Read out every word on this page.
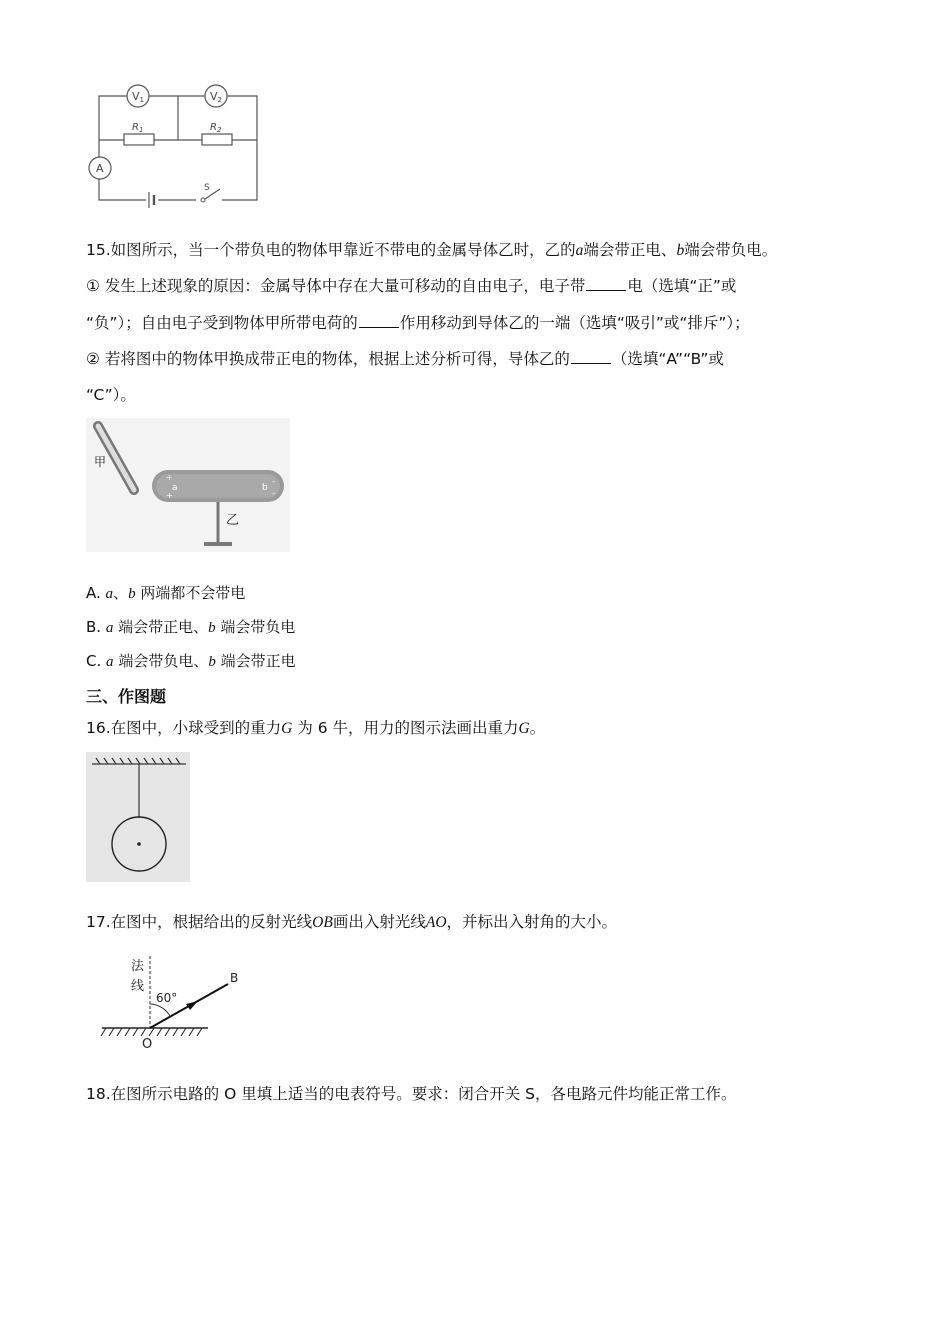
V1	V2
$R_1$	$R_2$
A
S
15.如图所示，当一个带负电的物体甲靠近不带电的金属导体乙时，乙的a端会带正电、b端会带负电。
① 发生上述现象的原因：金属导体中存在大量可移动的自由电子，电子带	电（选填“正”或
“负”）；自由电子受到物体甲所带电荷的	作用移动到导体乙的一端（选填“吸引”或“排斥”）；
② 若将图中的物体甲换成带正电的物体，根据上述分析可得，导体乙的	（选填“A”“B”或
“C”）。
甲
+
+
a	b
-
-
乙
A. a、b 两端都不会带电
B. a 端会带正电、b 端会带负电
C. a 端会带负电、b 端会带正电
三、作图题
16.在图中，小球受到的重力G 为 6 牛，用力的图示法画出重力G。
17.在图中，根据给出的反射光线OB画出入射光线AO，并标出入射角的大小。
法
线
60°
B
O
18.在图所示电路的 O 里填上适当的电表符号。要求：闭合开关 S，各电路元件均能正常工作。
